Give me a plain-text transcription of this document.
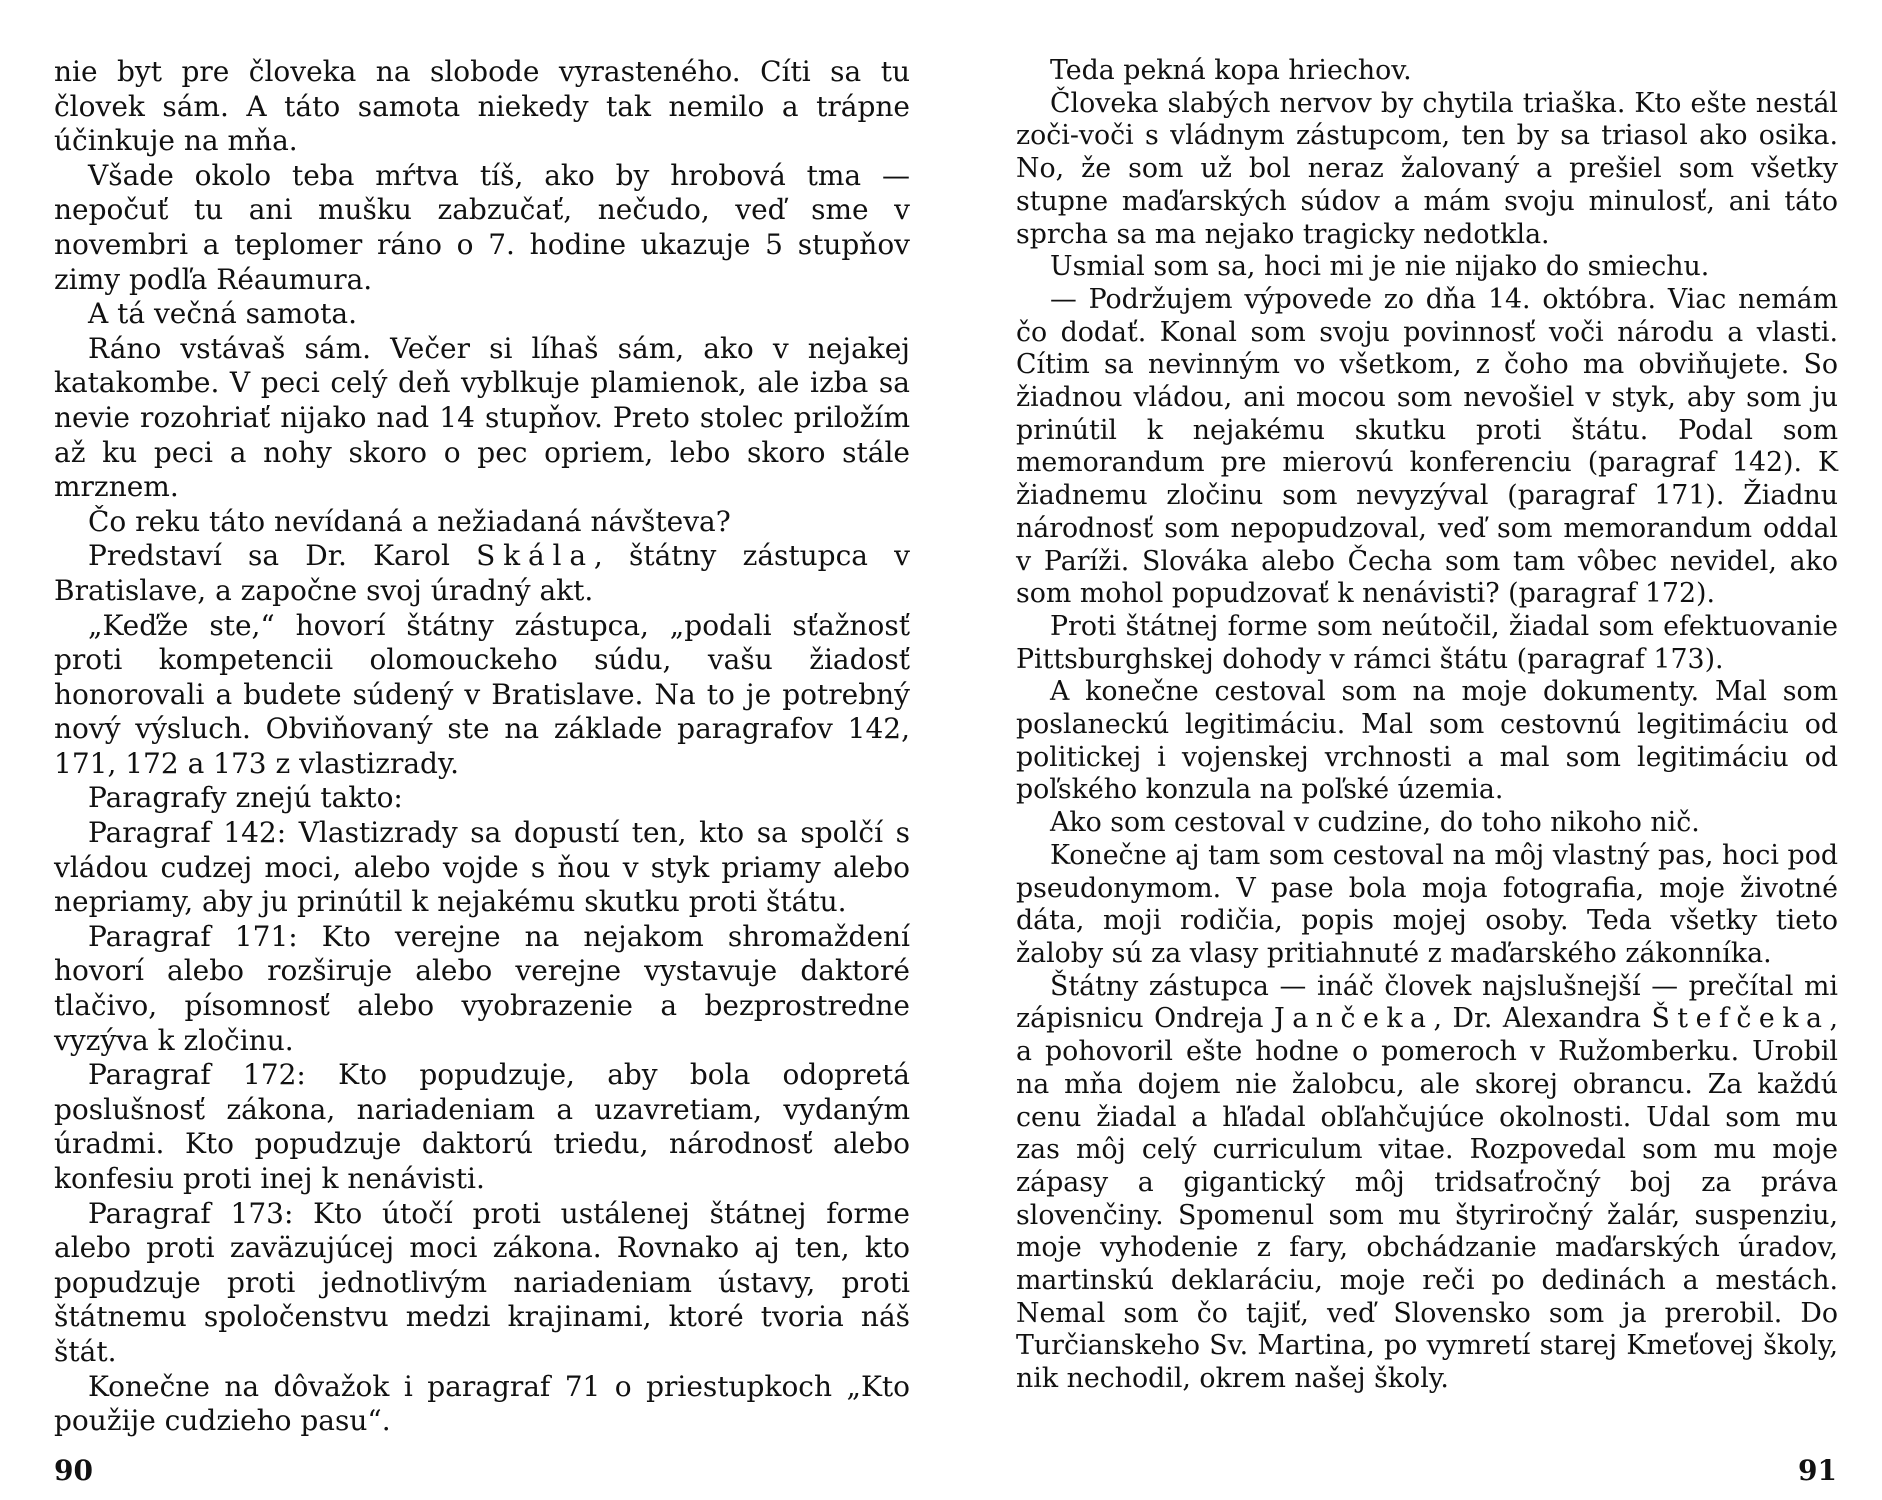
nie byt pre človeka na slobode vyrasteného. Cíti sa tu človek sám. A táto samota niekedy tak nemilo a trápne účinkuje na mňa.

Všade okolo teba mŕtva tíš, ako by hrobová tma — nepočuť tu ani mušku zabzučať, nečudo, veď sme v novembri a teplomer ráno o 7. hodine ukazuje 5 stupňov zimy podľa Réaumura.

A tá večná samota.

Ráno vstávaš sám. Večer si líhaš sám, ako v nejakej katakombe. V peci celý deň vyblkuje plamienok, ale izba sa nevie rozohriať nijako nad 14 stupňov. Preto stolec priložím až ku peci a nohy skoro o pec opriem, lebo skoro stále mrznem.

Čo reku táto nevídaná a nežiadaná návšteva?

Predstaví sa Dr. Karol Skála, štátny zástupca v Bratislave, a započne svoj úradný akt.

„Keďže ste,“ hovorí štátny zástupca, „podali sťažnosť proti kompetencii olomouckeho súdu, vašu žiadosť honorovali a budete súdený v Bratislave. Na to je potrebný nový výsluch. Obviňovaný ste na základe paragrafov 142, 171, 172 a 173 z vlastizrady.

Paragrafy znejú takto:

Paragraf 142: Vlastizrady sa dopustí ten, kto sa spolčí s vládou cudzej moci, alebo vojde s ňou v styk priamy alebo nepriamy, aby ju prinútil k nejakému skutku proti štátu.

Paragraf 171: Kto verejne na nejakom shromaždení hovorí alebo rozširuje alebo verejne vystavuje daktoré tlačivo, písomnosť alebo vyobrazenie a bezprostredne vyzýva k zločinu.

Paragraf 172: Kto popudzuje, aby bola odopretá poslušnosť zákona, nariadeniam a uzavretiam, vydaným úradmi. Kto popudzuje daktorú triedu, národnosť alebo konfesiu proti inej k nenávisti.

Paragraf 173: Kto útočí proti ustálenej štátnej forme alebo proti zaväzujúcej moci zákona. Rovnako aj ten, kto popudzuje proti jednotlivým nariadeniam ústavy, proti štátnemu spoločenstvu medzi krajinami, ktoré tvoria náš štát.

Konečne na dôvažok i paragraf 71 o priestupkoch „Kto použije cudzieho pasu“.

Teda pekná kopa hriechov.

Človeka slabých nervov by chytila triaška. Kto ešte nestál zoči-voči s vládnym zástupcom, ten by sa triasol ako osika. No, že som už bol neraz žalovaný a prešiel som všetky stupne maďarských súdov a mám svoju minulosť, ani táto sprcha sa ma nejako tragicky nedotkla.

Usmial som sa, hoci mi je nie nijako do smiechu.

— Podržujem výpovede zo dňa 14. októbra. Viac nemám čo dodať. Konal som svoju povinnosť voči národu a vlasti. Cítim sa nevinným vo všetkom, z čoho ma obviňujete. So žiadnou vládou, ani mocou som nevošiel v styk, aby som ju prinútil k nejakému skutku proti štátu. Podal som memorandum pre mierovú konferenciu (paragraf 142). K žiadnemu zločinu som nevyzýval (paragraf 171). Žiadnu národnosť som nepopudzoval, veď som memorandum oddal v Paríži. Slováka alebo Čecha som tam vôbec nevidel, ako som mohol popudzovať k nenávisti? (paragraf 172).

Proti štátnej forme som neútočil, žiadal som efektuovanie Pittsburghskej dohody v rámci štátu (paragraf 173).

A konečne cestoval som na moje dokumenty. Mal som poslaneckú legitimáciu. Mal som cestovnú legitimáciu od politickej i vojenskej vrchnosti a mal som legitimáciu od poľského konzula na poľské územia.

Ako som cestoval v cudzine, do toho nikoho nič.

Konečne aj tam som cestoval na môj vlastný pas, hoci pod pseudonymom. V pase bola moja fotografia, moje životné dáta, moji rodičia, popis mojej osoby. Teda všetky tieto žaloby sú za vlasy pritiahnuté z maďarského zákonníka.

Štátny zástupca — ináč človek najslušnejší — prečítal mi zápisnicu Ondreja Jančeka, Dr. Alexandra Štefčeka, a pohovoril ešte hodne o pomeroch v Ružomberku. Urobil na mňa dojem nie žalobcu, ale skorej obrancu. Za každú cenu žiadal a hľadal obľahčujúce okolnosti. Udal som mu zas môj celý curriculum vitae. Rozpovedal som mu moje zápasy a gigantický môj tridsaťročný boj za práva slovenčiny. Spomenul som mu štyriročný žalár, suspenziu, moje vyhodenie z fary, obchádzanie maďarských úradov, martinskú deklaráciu, moje reči po dedinách a mestách. Nemal som čo tajiť, veď Slovensko som ja prerobil. Do Turčianskeho Sv. Martina, po vymretí starej Kmeťovej školy, nik nechodil, okrem našej školy.

90	91
